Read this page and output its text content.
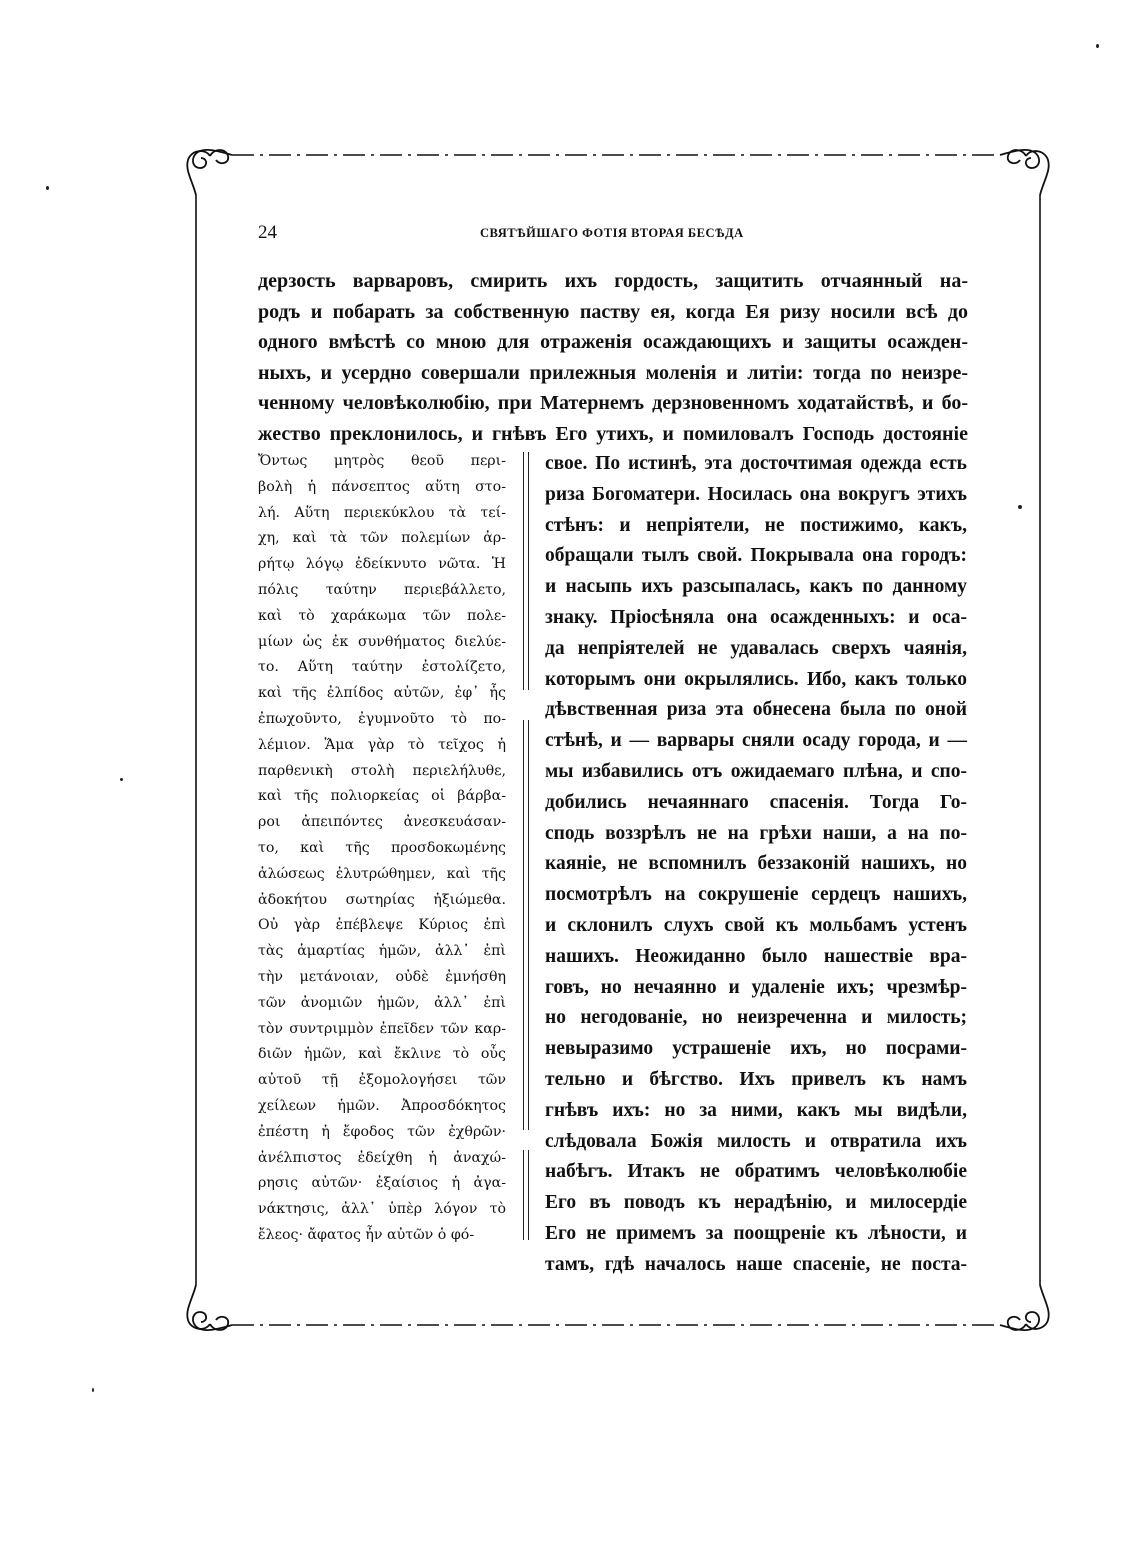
24	СВЯТѢЙШАГО ФОТІЯ ВТОРАЯ БЕСѢДА
дерзость варваровъ, смирить ихъ гордость, защитить отчаянный на-
родъ и побарать за собственную паству ея, когда Ея ризу носили всѣ до
одного вмѣстѣ со мною для отраженія осаждающихъ и защиты осажден-
ныхъ, и усердно совершали прилежныя моленія и литіи: тогда по неизре-
ченному человѣколюбію, при Матернемъ дерзновенномъ ходатайствѣ, и бо-
жество преклонилось, и гнѣвъ Его утихъ, и помиловалъ Господь достояніе
Ὄντως μητρὸς θεοῦ περι-
βολὴ ἡ πάνσεπτος αὕτη στο-
λή. Αὕτη περιεκύκλου τὰ τεί-
χη, καὶ τὰ τῶν πολεμίων ἀρ-
ρήτῳ λόγῳ ἐδείκνυτο νῶτα. Ἡ
πόλις ταύτην περιεβάλλετο,
καὶ τὸ χαράκωμα τῶν πολε-
μίων ὡς ἐκ συνθήματος διελύε-
το. Αὕτη ταύτην ἐστολίζετο,
καὶ τῆς ἐλπίδος αὐτῶν, ἐφ᾽ ἧς
ἐπωχοῦντο, ἐγυμνοῦτο τὸ πο-
λέμιον. Ἅμα γὰρ τὸ τεῖχος ἡ
παρθενικὴ στολὴ περιελήλυθε,
καὶ τῆς πολιορκείας οἱ βάρβα-
ροι ἀπειπόντες ἀνεσκευάσαν-
το, καὶ τῆς προσδοκωμένης
ἁλώσεως ἐλυτρώθημεν, καὶ τῆς
ἀδοκήτου σωτηρίας ἠξιώμεθα.
Οὐ γὰρ ἐπέβλεψε Κύριος ἐπὶ
τὰς ἁμαρτίας ἡμῶν, ἀλλ᾽ ἐπὶ
τὴν μετάνοιαν, οὐδὲ ἐμνήσθη
τῶν ἀνομιῶν ἡμῶν, ἀλλ᾽ ἐπὶ
τὸν συντριμμὸν ἐπεῖδεν τῶν καρ-
διῶν ἡμῶν, καὶ ἔκλινε τὸ οὖς
αὐτοῦ τῇ ἐξομολογήσει τῶν
χείλεων ἡμῶν. Ἀπροσδόκητος
ἐπέστη ἡ ἔφοδος τῶν ἐχθρῶν·
ἀνέλπιστος ἐδείχθη ἡ ἀναχώ-
ρησις αὐτῶν· ἐξαίσιος ἡ ἀγα-
νάκτησις, ἀλλ᾽ ὑπὲρ λόγον τὸ
ἔλεος· ἄφατος ἦν αὐτῶν ὁ φό-
свое. По истинѣ, эта досточтимая одежда есть
риза Богоматери. Носилась она вокругъ этихъ
стѣнъ: и непріятели, не постижимо, какъ,
обращали тылъ свой. Покрывала она городъ:
и насыпь ихъ разсыпалась, какъ по данному
знаку. Пріосѣняла она осажденныхъ: и оса-
да непріятелей не удавалась сверхъ чаянія,
которымъ они окрылялись. Ибо, какъ только
дѣвственная риза эта обнесена была по оной
стѣнѣ, и — варвары сняли осаду города, и —
мы избавились отъ ожидаемаго плѣна, и спо-
добились нечаяннаго спасенія. Тогда Го-
сподь воззрѣлъ не на грѣхи наши, а на по-
каяніе, не вспомнилъ беззаконій нашихъ, но
посмотрѣлъ на сокрушеніе сердецъ нашихъ,
и склонилъ слухъ свой къ мольбамъ устенъ
нашихъ. Неожиданно было нашествіе вра-
говъ, но нечаянно и удаленіе ихъ; чрезмѣр-
но негодованіе, но неизреченна и милость;
невыразимо устрашеніе ихъ, но посрами-
тельно и бѣгство. Ихъ привелъ къ намъ
гнѣвъ ихъ: но за ними, какъ мы видѣли,
слѣдовала Божія милость и отвратила ихъ
набѣгъ. Итакъ не обратимъ человѣколюбіе
Его въ поводъ къ нерадѣнію, и милосердіе
Его не примемъ за поощреніе къ лѣности, и
тамъ, гдѣ началось наше спасеніе, не поста-
